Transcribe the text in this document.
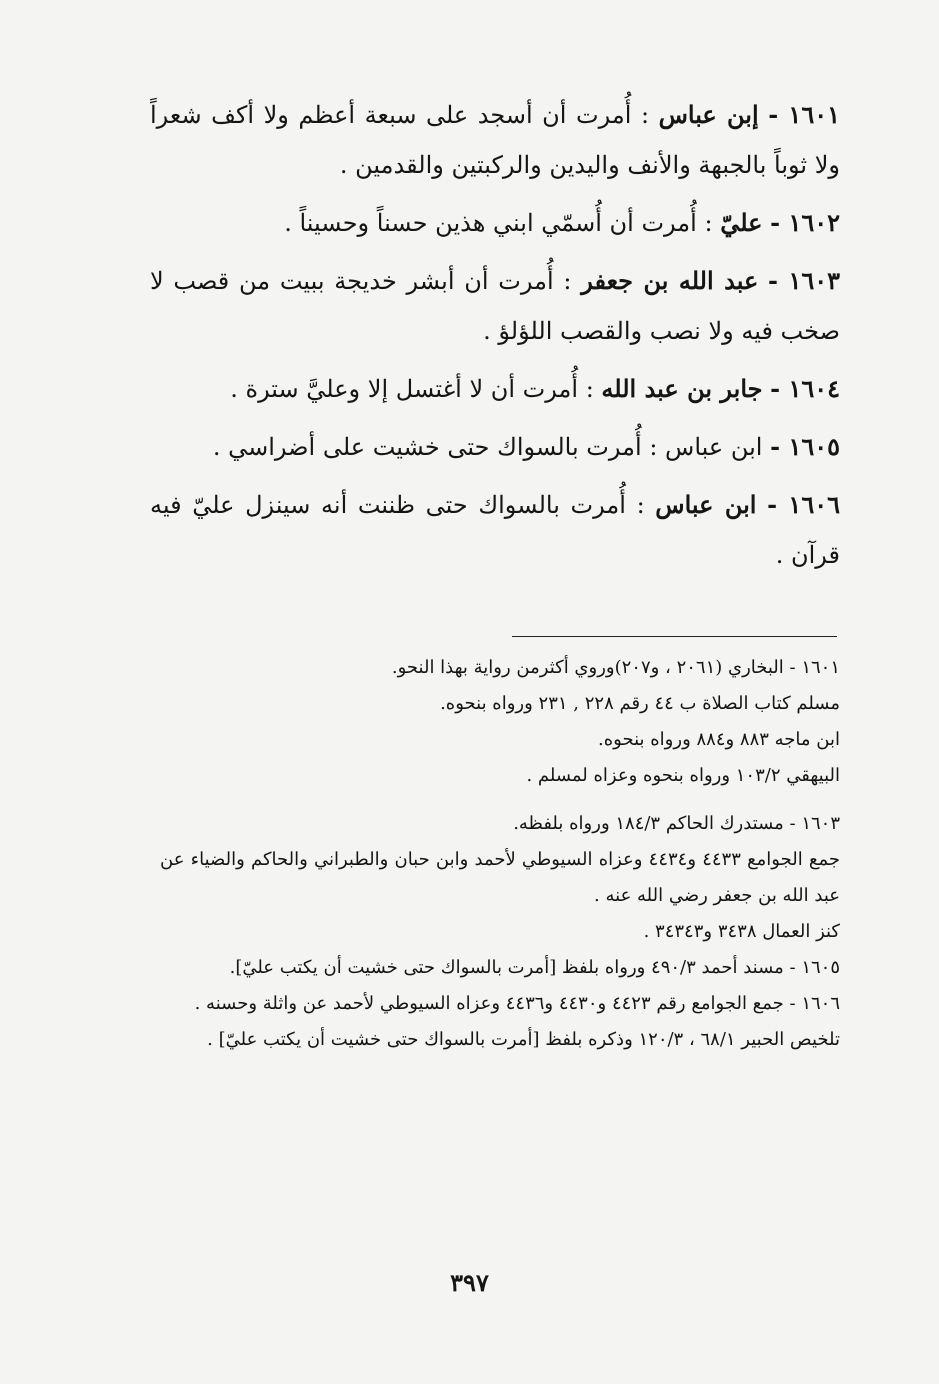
١٦٠١ - إبن عباس : أُمرت أن أسجد على سبعة أعظم ولا أكف شعراً ولا ثوباً بالجبهة والأنف واليدين والركبتين والقدمين .

١٦٠٢ - عليّ : أُمرت أن أُسمّي ابني هذين حسناً وحسيناً .

١٦٠٣ - عبد الله بن جعفر : أُمرت أن أبشر خديجة ببيت من قصب لا صخب فيه ولا نصب والقصب اللؤلؤ .

١٦٠٤ - جابر بن عبد الله : أُمرت أن لا أغتسل إلا وعليَّ سترة .

١٦٠٥ - ابن عباس : أُمرت بالسواك حتى خشيت على أضراسي .

١٦٠٦ - ابن عباس : أُمرت بالسواك حتى ظننت أنه سينزل عليّ فيه قرآن .

١٦٠١ - البخاري (٢٠٦١ ، و٢٠٧)وروي أكثرمن رواية بهذا النحو.

مسلم كتاب الصلاة ب ٤٤ رقم ٢٢٨ , ٢٣١ ورواه بنحوه.

ابن ماجه ٨٨٣ و٨٨٤ ورواه بنحوه.

البيهقي ١٠٣/٢ ورواه بنحوه وعزاه لمسلم .

١٦٠٣ - مستدرك الحاكم ١٨٤/٣ ورواه بلفظه.

جمع الجوامع ٤٤٣٣ و٤٤٣٤ وعزاه السيوطي لأحمد وابن حبان والطبراني والحاكم والضياء عن عبد الله بن جعفر رضي الله عنه .

كنز العمال ٣٤٣٨ و٣٤٣٤٣ .

١٦٠٥ - مسند أحمد ٤٩٠/٣ ورواه بلفظ [أمرت بالسواك حتى خشيت أن يكتب عليّ].

١٦٠٦ - جمع الجوامع رقم ٤٤٢٣ و٤٤٣٠ و٤٤٣٦ وعزاه السيوطي لأحمد عن واثلة وحسنه .

تلخيص الحبير ٦٨/١ ، ١٢٠/٣ وذكره بلفظ [أمرت بالسواك حتى خشيت أن يكتب عليّ] .

٣٩٧
